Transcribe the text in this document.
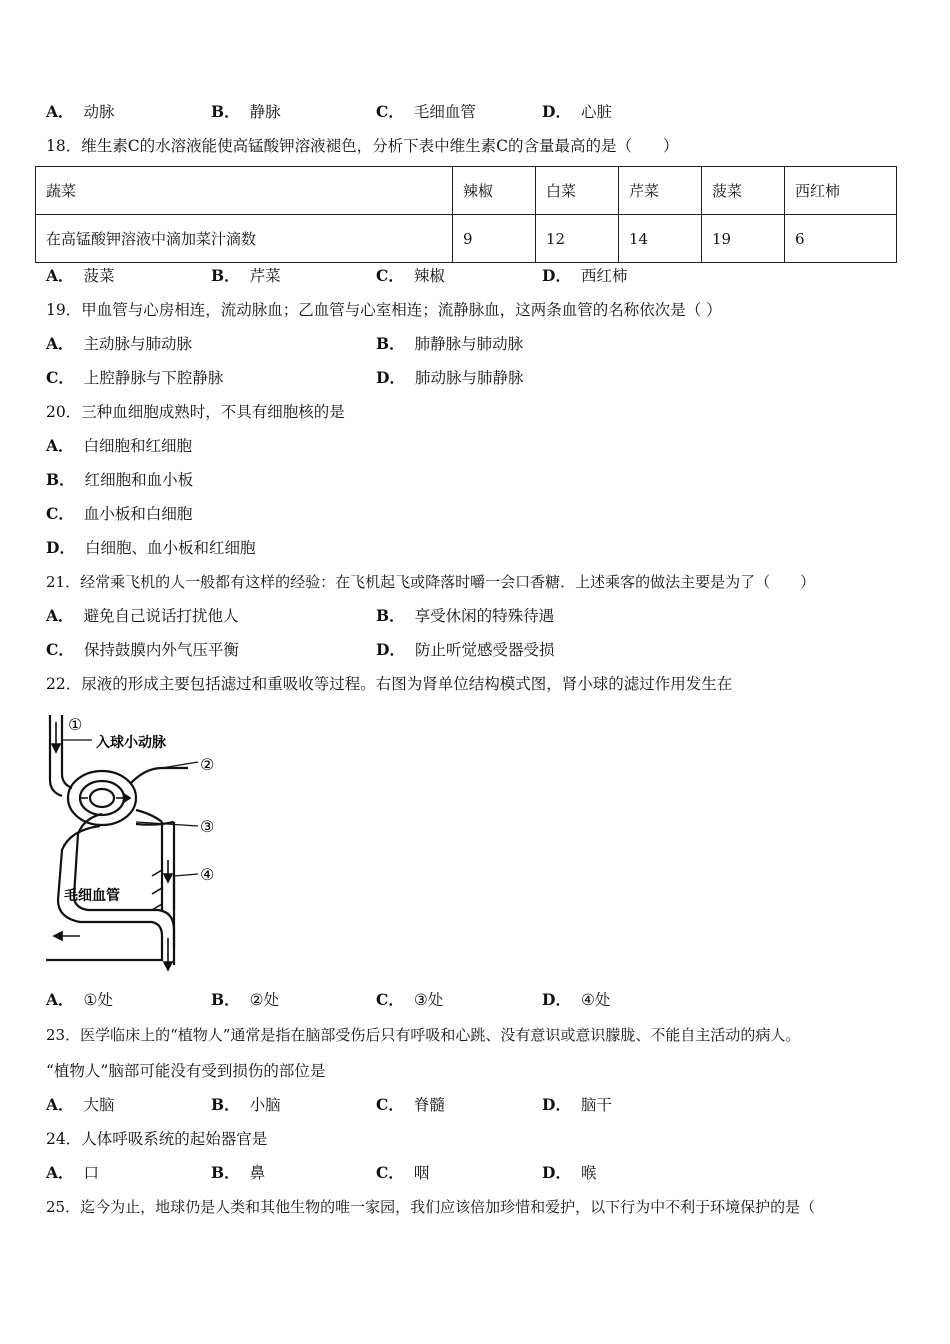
A． 动脉	B． 静脉	C． 毛细血管	D． 心脏
18．维生素C的水溶液能使高锰酸钾溶液褪色，分析下表中维生素C的含量最高的是（　　）
蔬菜	辣椒	白菜	芹菜	菠菜	西红柿
在高锰酸钾溶液中滴加菜汁滴数	9	12	14	19	6
A． 菠菜	B． 芹菜	C． 辣椒	D． 西红柿
19．甲血管与心房相连，流动脉血；乙血管与心室相连；流静脉血，这两条血管的名称依次是（ ）
A． 主动脉与肺动脉	B． 肺静脉与肺动脉
C． 上腔静脉与下腔静脉	D． 肺动脉与肺静脉
20．三种血细胞成熟时，不具有细胞核的是
A． 白细胞和红细胞
B． 红细胞和血小板
C． 血小板和白细胞
D． 白细胞、血小板和红细胞
21．经常乘飞机的人一般都有这样的经验：在飞机起飞或降落时嚼一会口香糖．上述乘客的做法主要是为了（　　）
A． 避免自己说话打扰他人	B． 享受休闲的特殊待遇
C． 保持鼓膜内外气压平衡	D． 防止听觉感受器受损
22．尿液的形成主要包括滤过和重吸收等过程。右图为肾单位结构模式图，肾小球的滤过作用发生在
入球小动脉
毛细血管
①
②
③
④
A． ①处	B． ②处	C． ③处	D． ④处
23．医学临床上的“植物人”通常是指在脑部受伤后只有呼吸和心跳、没有意识或意识朦胧、不能自主活动的病人。
“植物人”脑部可能没有受到损伤的部位是
A． 大脑	B． 小脑	C． 脊髓	D． 脑干
24．人体呼吸系统的起始器官是
A． 口	B． 鼻	C． 咽	D． 喉
25．迄今为止，地球仍是人类和其他生物的唯一家园，我们应该倍加珍惜和爱护，以下行为中不利于环境保护的是（
